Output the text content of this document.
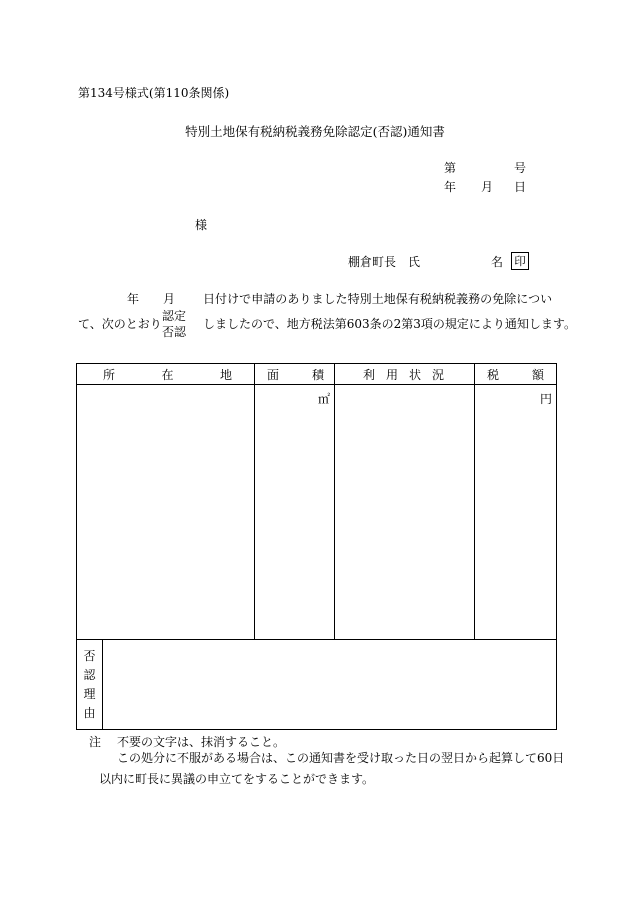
第134号様式(第110条関係)
特別土地保有税納税義務免除認定(否認)通知書
第	号
年 月 日
様
棚倉町長　氏	名 印
年 月 日付けで申請のありました特別土地保有税納税義務の免除につい
て、次のとおり
認定
否認
しましたので、地方税法第603条の2第3項の規定により通知します。
所 在 地		面 積	利 用 状 況	税 額

		㎡		円

否
認
理
由				

注 不要の文字は、抹消すること。
この処分に不服がある場合は、この通知書を受け取った日の翌日から起算して60日
以内に町長に異議の申立てをすることができます。
